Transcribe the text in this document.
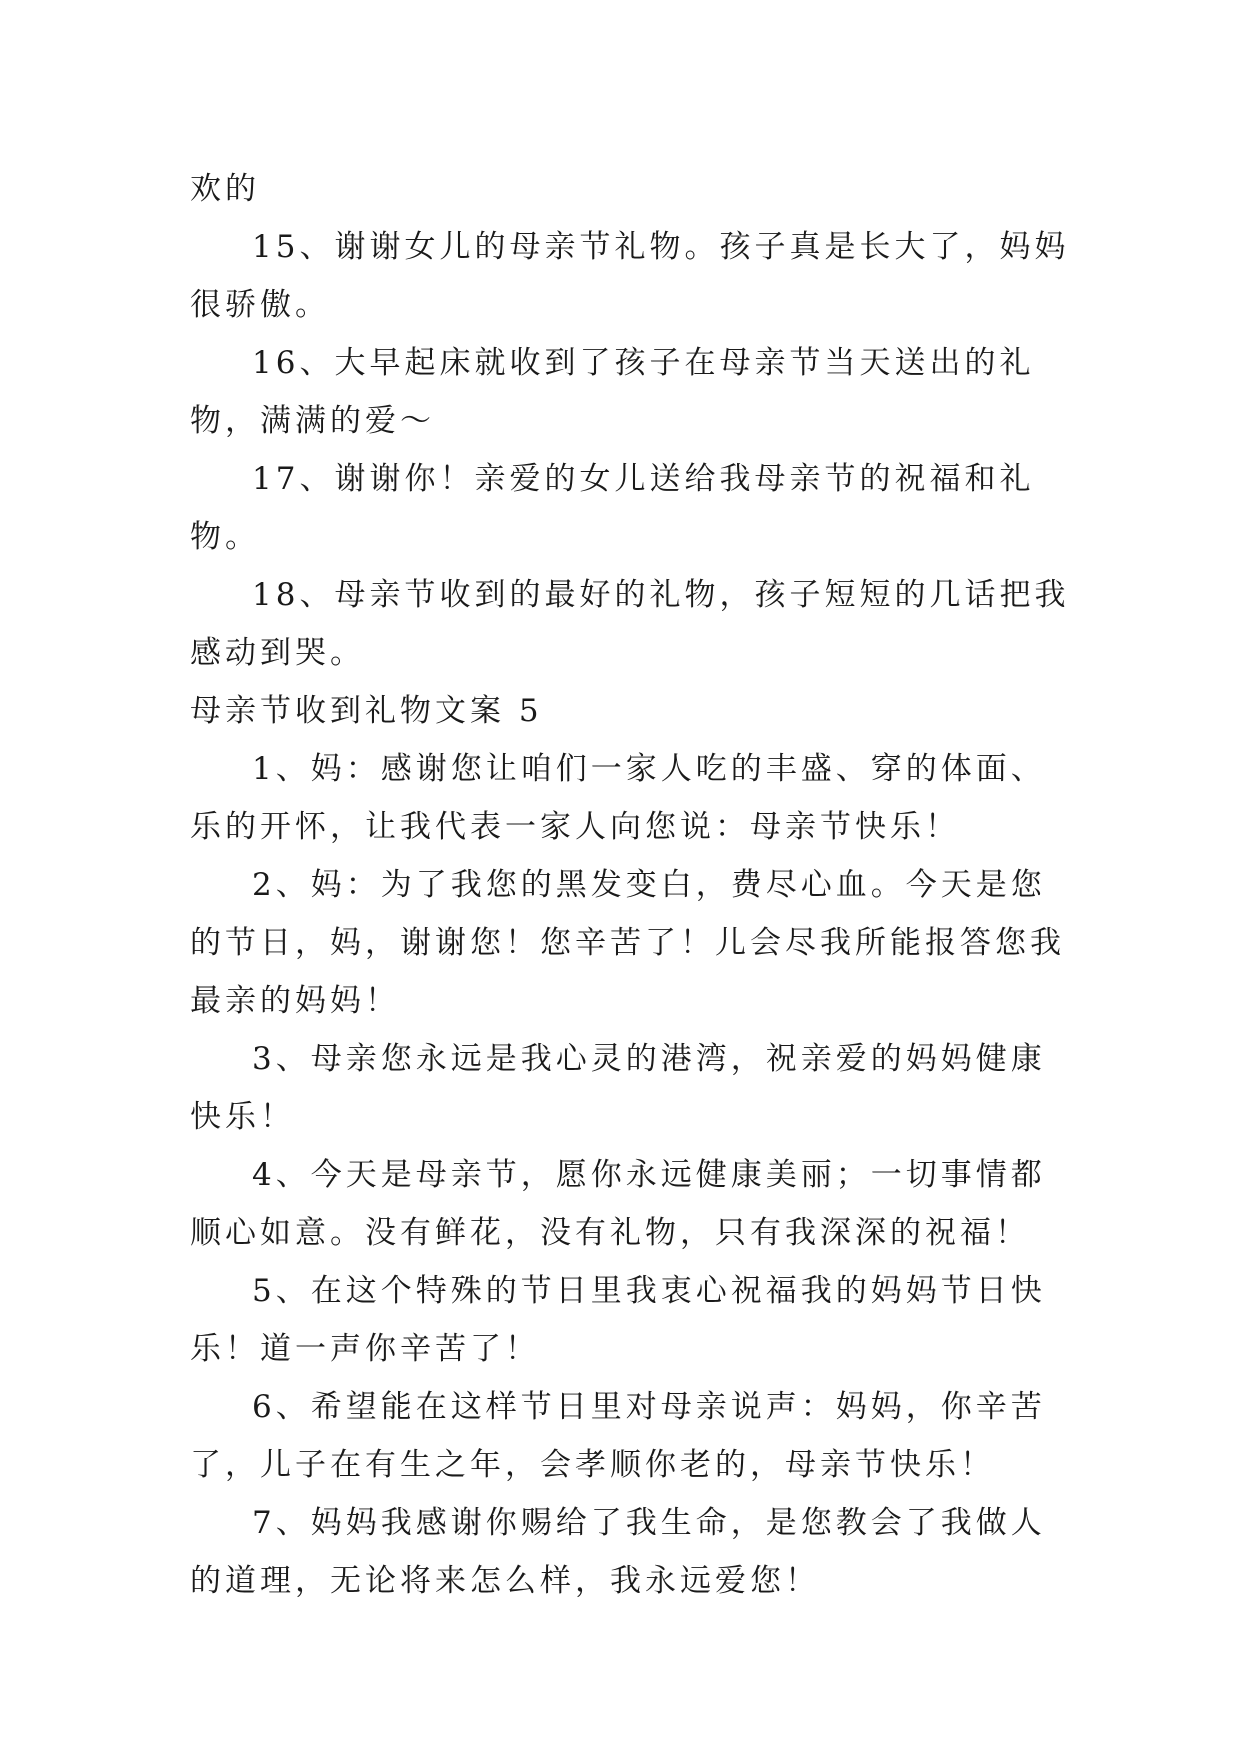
欢的

15、谢谢女儿的母亲节礼物。孩子真是长大了，妈妈很骄傲。

16、大早起床就收到了孩子在母亲节当天送出的礼物，满满的爱～

17、谢谢你！亲爱的女儿送给我母亲节的祝福和礼物。

18、母亲节收到的最好的礼物，孩子短短的几话把我感动到哭。

母亲节收到礼物文案 5

1、妈：感谢您让咱们一家人吃的丰盛、穿的体面、乐的开怀，让我代表一家人向您说：母亲节快乐！

2、妈：为了我您的黑发变白，费尽心血。今天是您的节日，妈，谢谢您！您辛苦了！儿会尽我所能报答您我最亲的妈妈！

3、母亲您永远是我心灵的港湾，祝亲爱的妈妈健康快乐！

4、今天是母亲节，愿你永远健康美丽；一切事情都顺心如意。没有鲜花，没有礼物，只有我深深的祝福！

5、在这个特殊的节日里我衷心祝福我的妈妈节日快乐！道一声你辛苦了！

6、希望能在这样节日里对母亲说声：妈妈，你辛苦了，儿子在有生之年，会孝顺你老的，母亲节快乐！

7、妈妈我感谢你赐给了我生命，是您教会了我做人的道理，无论将来怎么样，我永远爱您！
